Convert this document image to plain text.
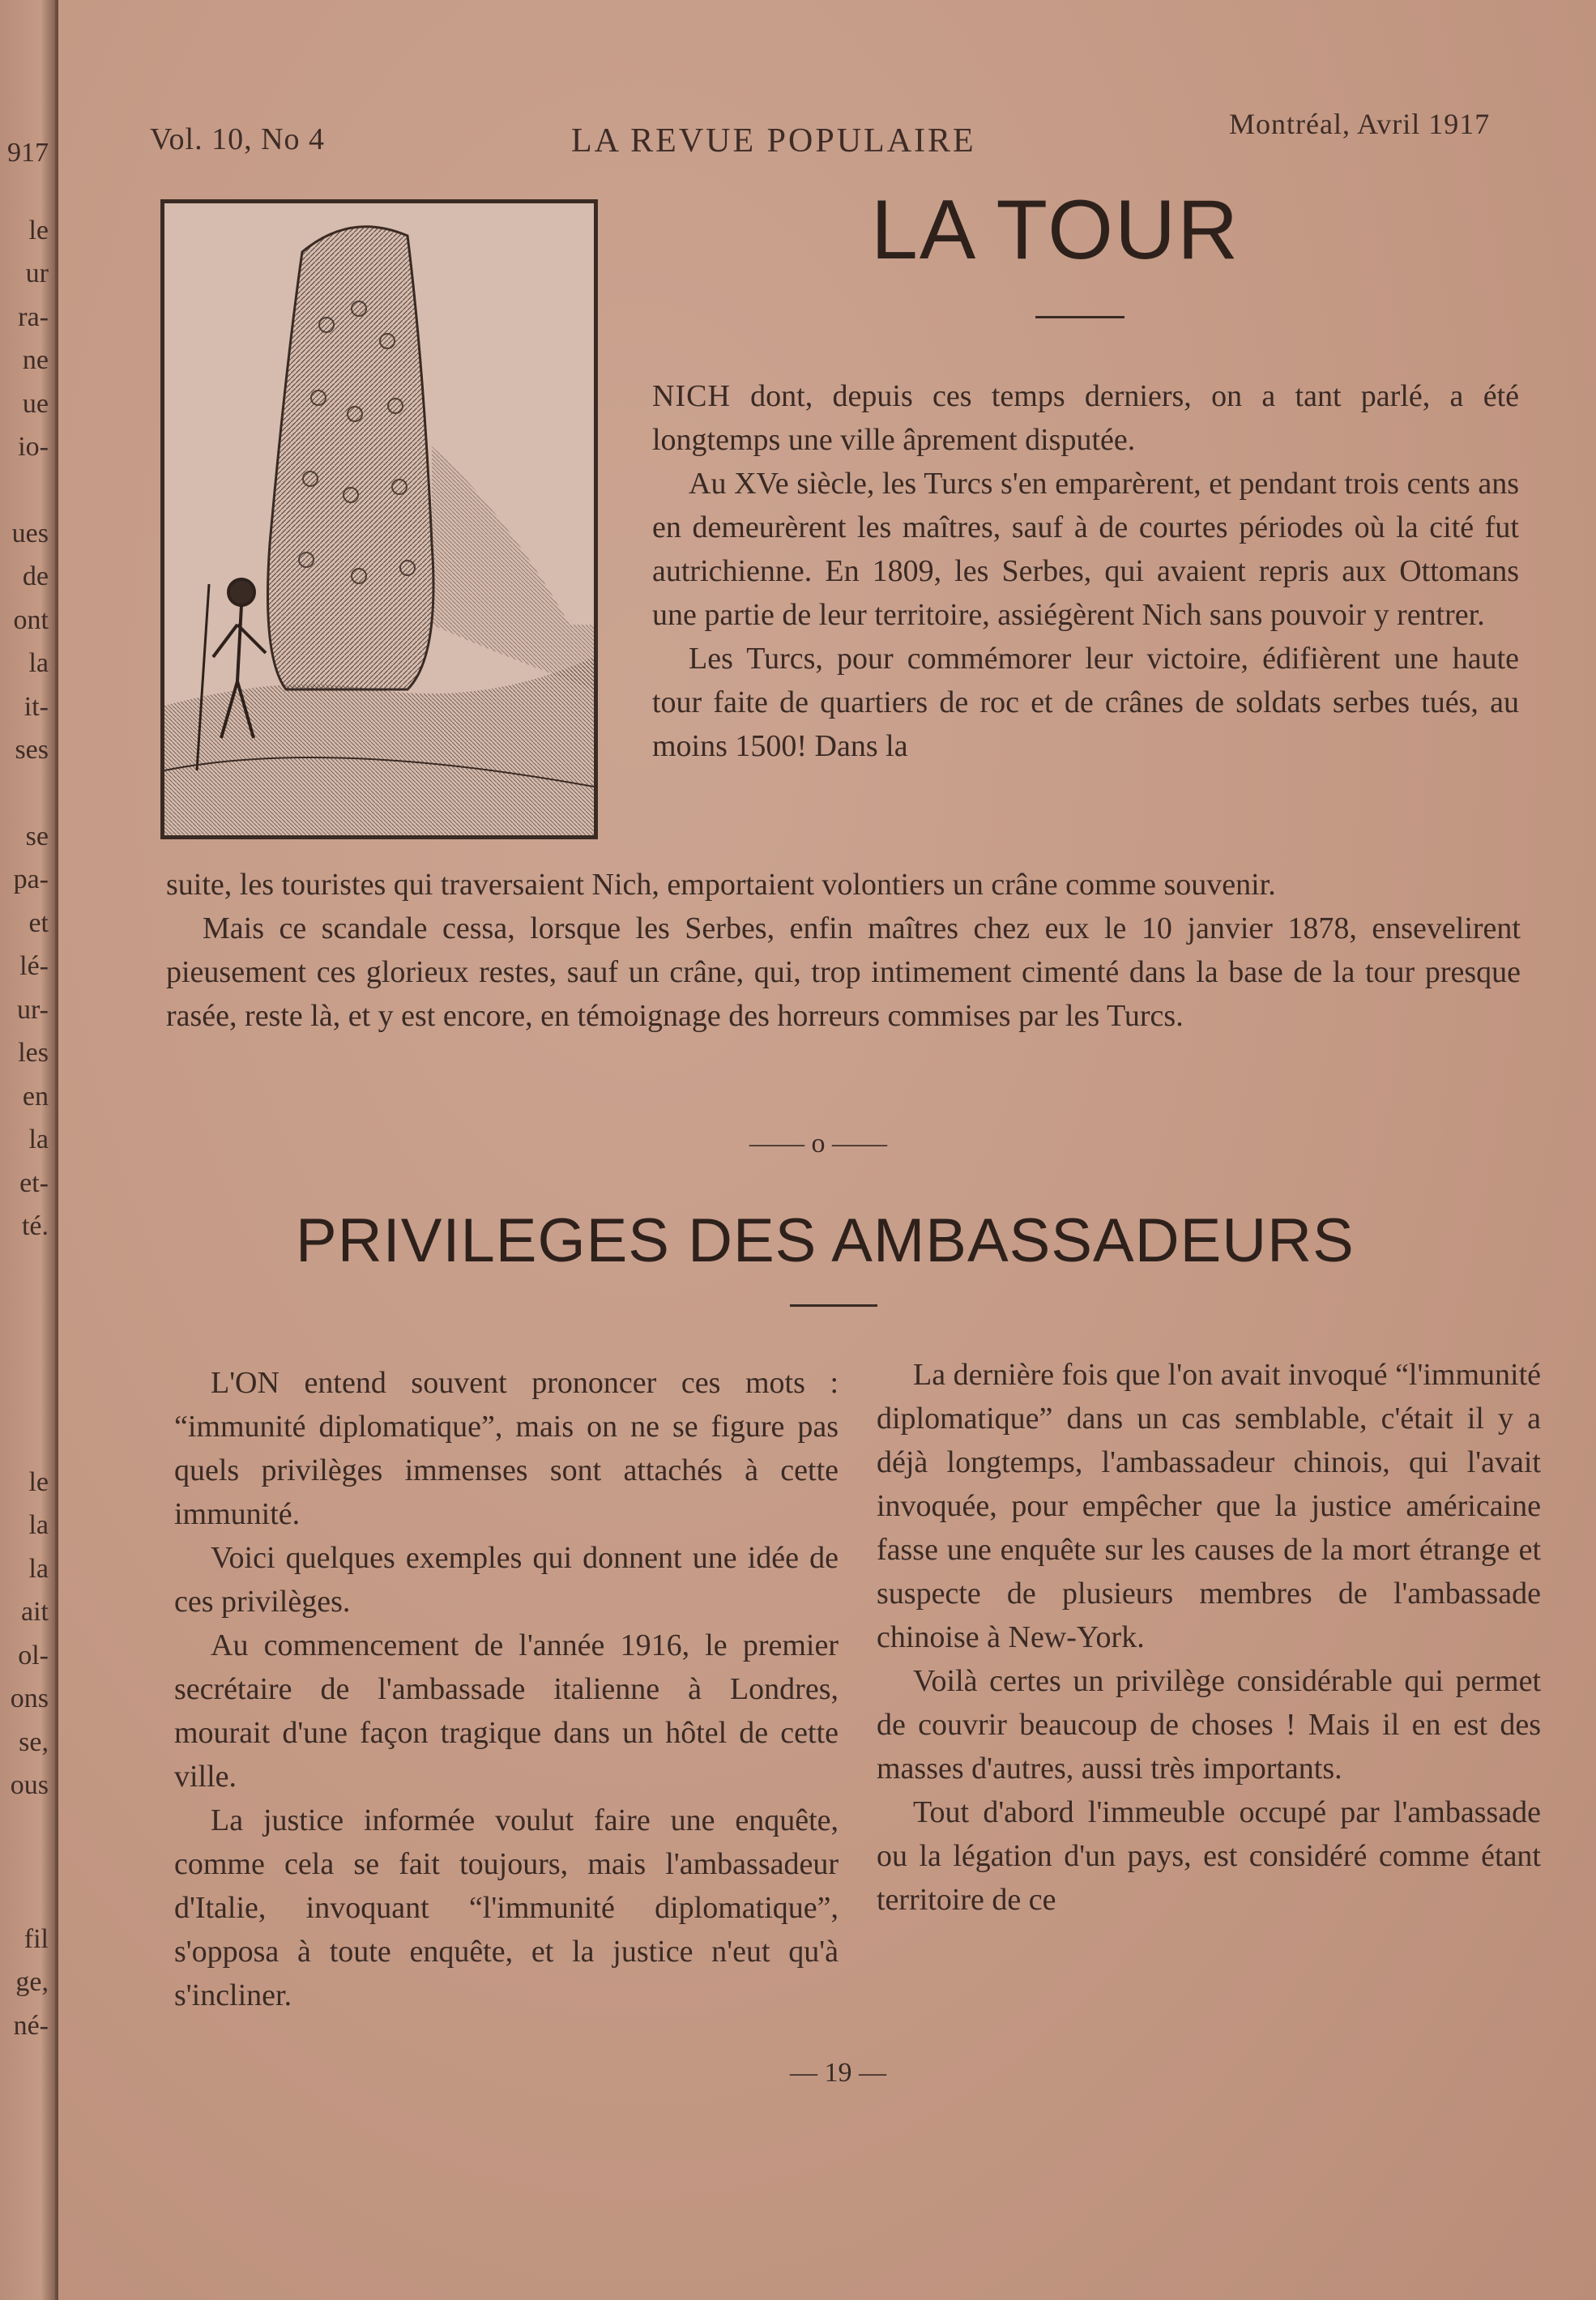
917
le
ur
ra-
ne
ue
io-
ues
de
ont
la
it-
ses
se
pa-
et
lé-
ur-
les
en
la
et-
té.
le
la
la
ait
ol-
ons
se,
ous
fil
ge,
né-
Vol. 10, No 4	LA REVUE POPULAIRE	Montréal, Avril 1917
LA TOUR

NICH dont, depuis ces temps derniers, on a tant parlé, a été longtemps une ville âprement disputée.

Au XVe siècle, les Turcs s'en emparèrent, et pendant trois cents ans en demeurèrent les maîtres, sauf à de courtes périodes où la cité fut autrichienne. En 1809, les Serbes, qui avaient repris aux Ottomans une partie de leur territoire, assiégèrent Nich sans pouvoir y rentrer.

Les Turcs, pour commémorer leur victoire, édifièrent une haute tour faite de quartiers de roc et de crânes de soldats serbes tués, au moins 1500! Dans la

suite, les touristes qui traversaient Nich, emportaient volontiers un crâne comme souvenir.

Mais ce scandale cessa, lorsque les Serbes, enfin maîtres chez eux le 10 janvier 1878, ensevelirent pieusement ces glorieux restes, sauf un crâne, qui, trop intimement cimenté dans la base de la tour presque rasée, reste là, et y est encore, en témoignage des horreurs commises par les Turcs.

—— o ——
PRIVILEGES DES AMBASSADEURS

L'ON entend souvent prononcer ces mots : “immunité diplomatique”, mais on ne se figure pas quels privilèges immenses sont attachés à cette immunité.

Voici quelques exemples qui donnent une idée de ces privilèges.

Au commencement de l'année 1916, le premier secrétaire de l'ambassade italienne à Londres, mourait d'une façon tragique dans un hôtel de cette ville.

La justice informée voulut faire une enquête, comme cela se fait toujours, mais l'ambassadeur d'Italie, invoquant “l'immunité diplomatique”, s'opposa à toute enquête, et la justice n'eut qu'à s'incliner.

La dernière fois que l'on avait invoqué “l'immunité diplomatique” dans un cas semblable, c'était il y a déjà longtemps, l'ambassadeur chinois, qui l'avait invoquée, pour empêcher que la justice américaine fasse une enquête sur les causes de la mort étrange et suspecte de plusieurs membres de l'ambassade chinoise à New-York.

Voilà certes un privilège considérable qui permet de couvrir beaucoup de choses ! Mais il en est des masses d'autres, aussi très importants.

Tout d'abord l'immeuble occupé par l'ambassade ou la légation d'un pays, est considéré comme étant territoire de ce

— 19 —
